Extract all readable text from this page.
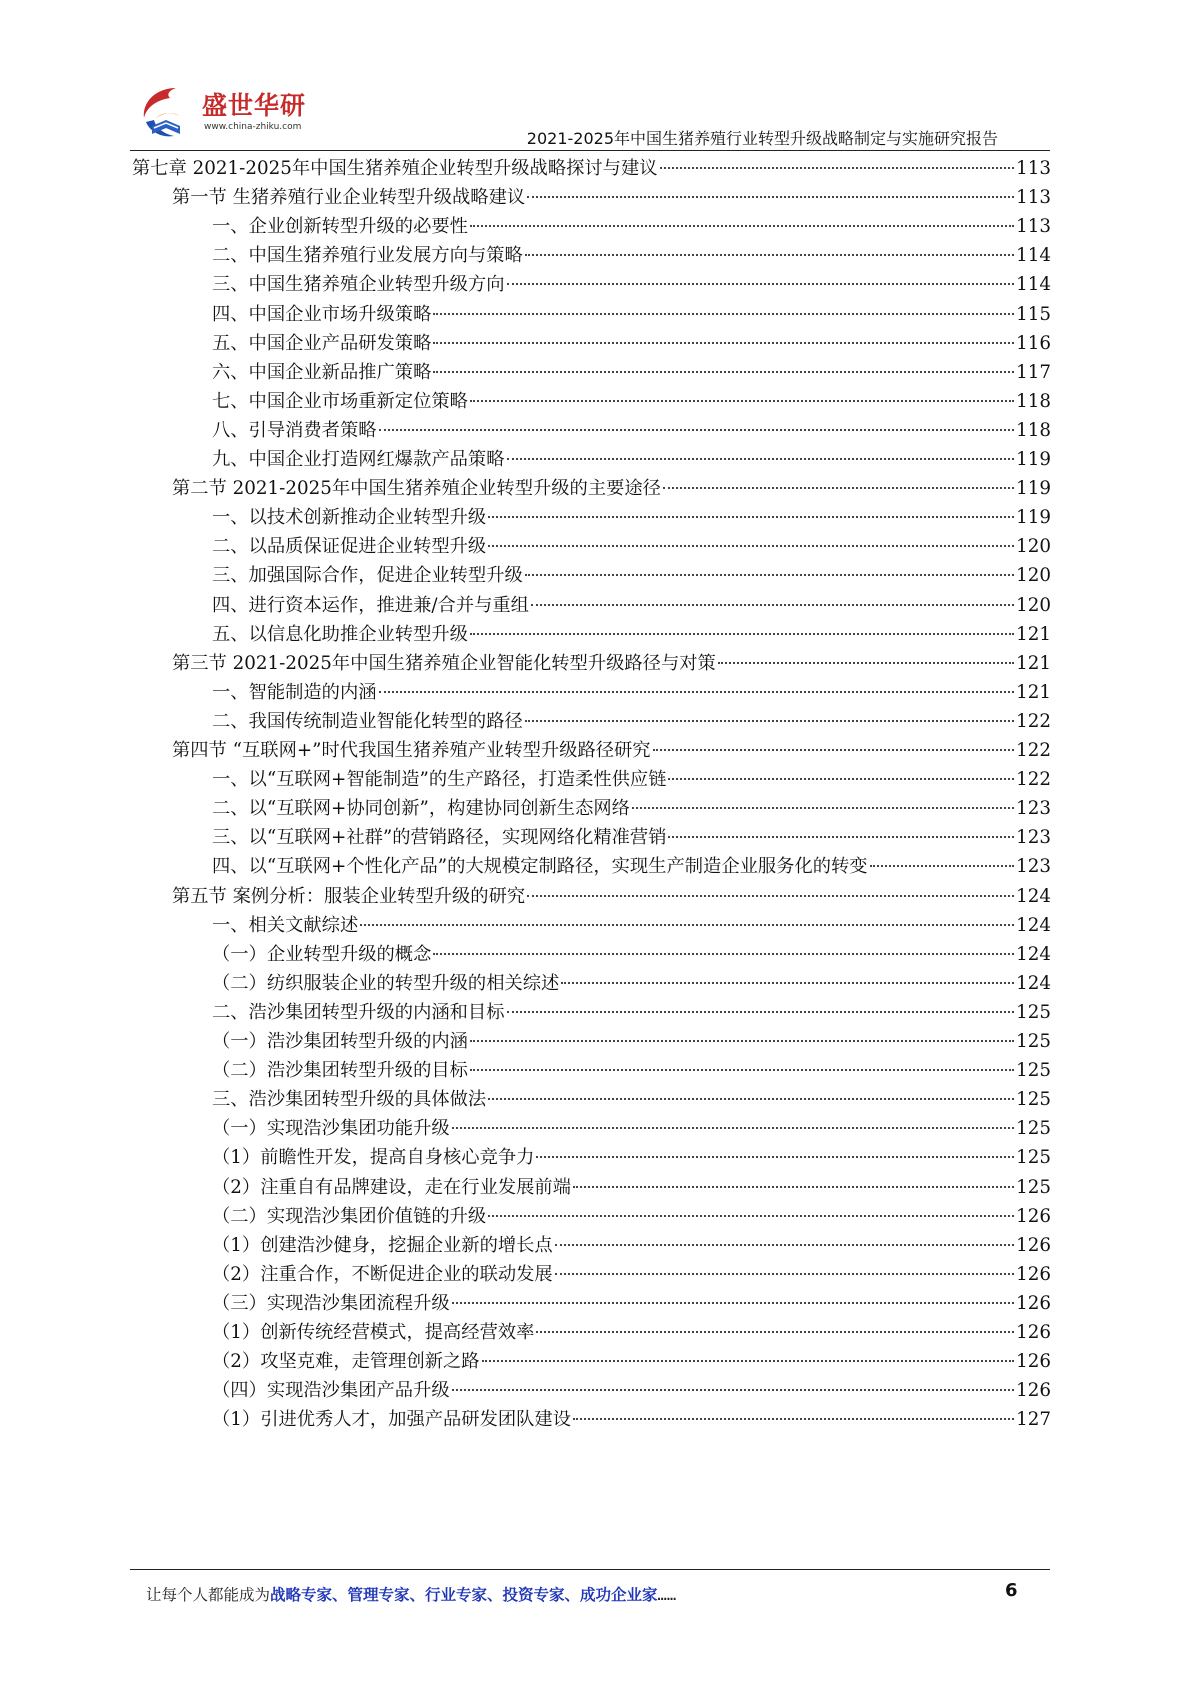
盛世华研
www.china-zhiku.com
2021-2025年中国生猪养殖行业转型升级战略制定与实施研究报告
第七章 2021-2025年中国生猪养殖企业转型升级战略探讨与建议	113
第一节 生猪养殖行业企业转型升级战略建议	113
一、企业创新转型升级的必要性	113
二、中国生猪养殖行业发展方向与策略	114
三、中国生猪养殖企业转型升级方向	114
四、中国企业市场升级策略	115
五、中国企业产品研发策略	116
六、中国企业新品推广策略	117
七、中国企业市场重新定位策略	118
八、引导消费者策略	118
九、中国企业打造网红爆款产品策略	119
第二节 2021-2025年中国生猪养殖企业转型升级的主要途径	119
一、以技术创新推动企业转型升级	119
二、以品质保证促进企业转型升级	120
三、加强国际合作，促进企业转型升级	120
四、进行资本运作，推进兼/合并与重组	120
五、以信息化助推企业转型升级	121
第三节 2021-2025年中国生猪养殖企业智能化转型升级路径与对策	121
一、智能制造的内涵	121
二、我国传统制造业智能化转型的路径	122
第四节 “互联网+”时代我国生猪养殖产业转型升级路径研究	122
一、以“互联网+智能制造”的生产路径，打造柔性供应链	122
二、以“互联网+协同创新”，构建协同创新生态网络	123
三、以“互联网+社群”的营销路径，实现网络化精准营销	123
四、以“互联网+个性化产品”的大规模定制路径，实现生产制造企业服务化的转变	123
第五节 案例分析：服装企业转型升级的研究	124
一、相关文献综述	124
（一）企业转型升级的概念	124
（二）纺织服装企业的转型升级的相关综述	124
二、浩沙集团转型升级的内涵和目标	125
（一）浩沙集团转型升级的内涵	125
（二）浩沙集团转型升级的目标	125
三、浩沙集团转型升级的具体做法	125
（一）实现浩沙集团功能升级	125
（1）前瞻性开发，提高自身核心竞争力	125
（2）注重自有品牌建设，走在行业发展前端	125
（二）实现浩沙集团价值链的升级	126
（1）创建浩沙健身，挖掘企业新的增长点	126
（2）注重合作，不断促进企业的联动发展	126
（三）实现浩沙集团流程升级	126
（1）创新传统经营模式，提高经营效率	126
（2）攻坚克难，走管理创新之路	126
（四）实现浩沙集团产品升级	126
（1）引进优秀人才，加强产品研发团队建设	127
让每个人都能成为战略专家、管理专家、行业专家、投资专家、成功企业家……	6
